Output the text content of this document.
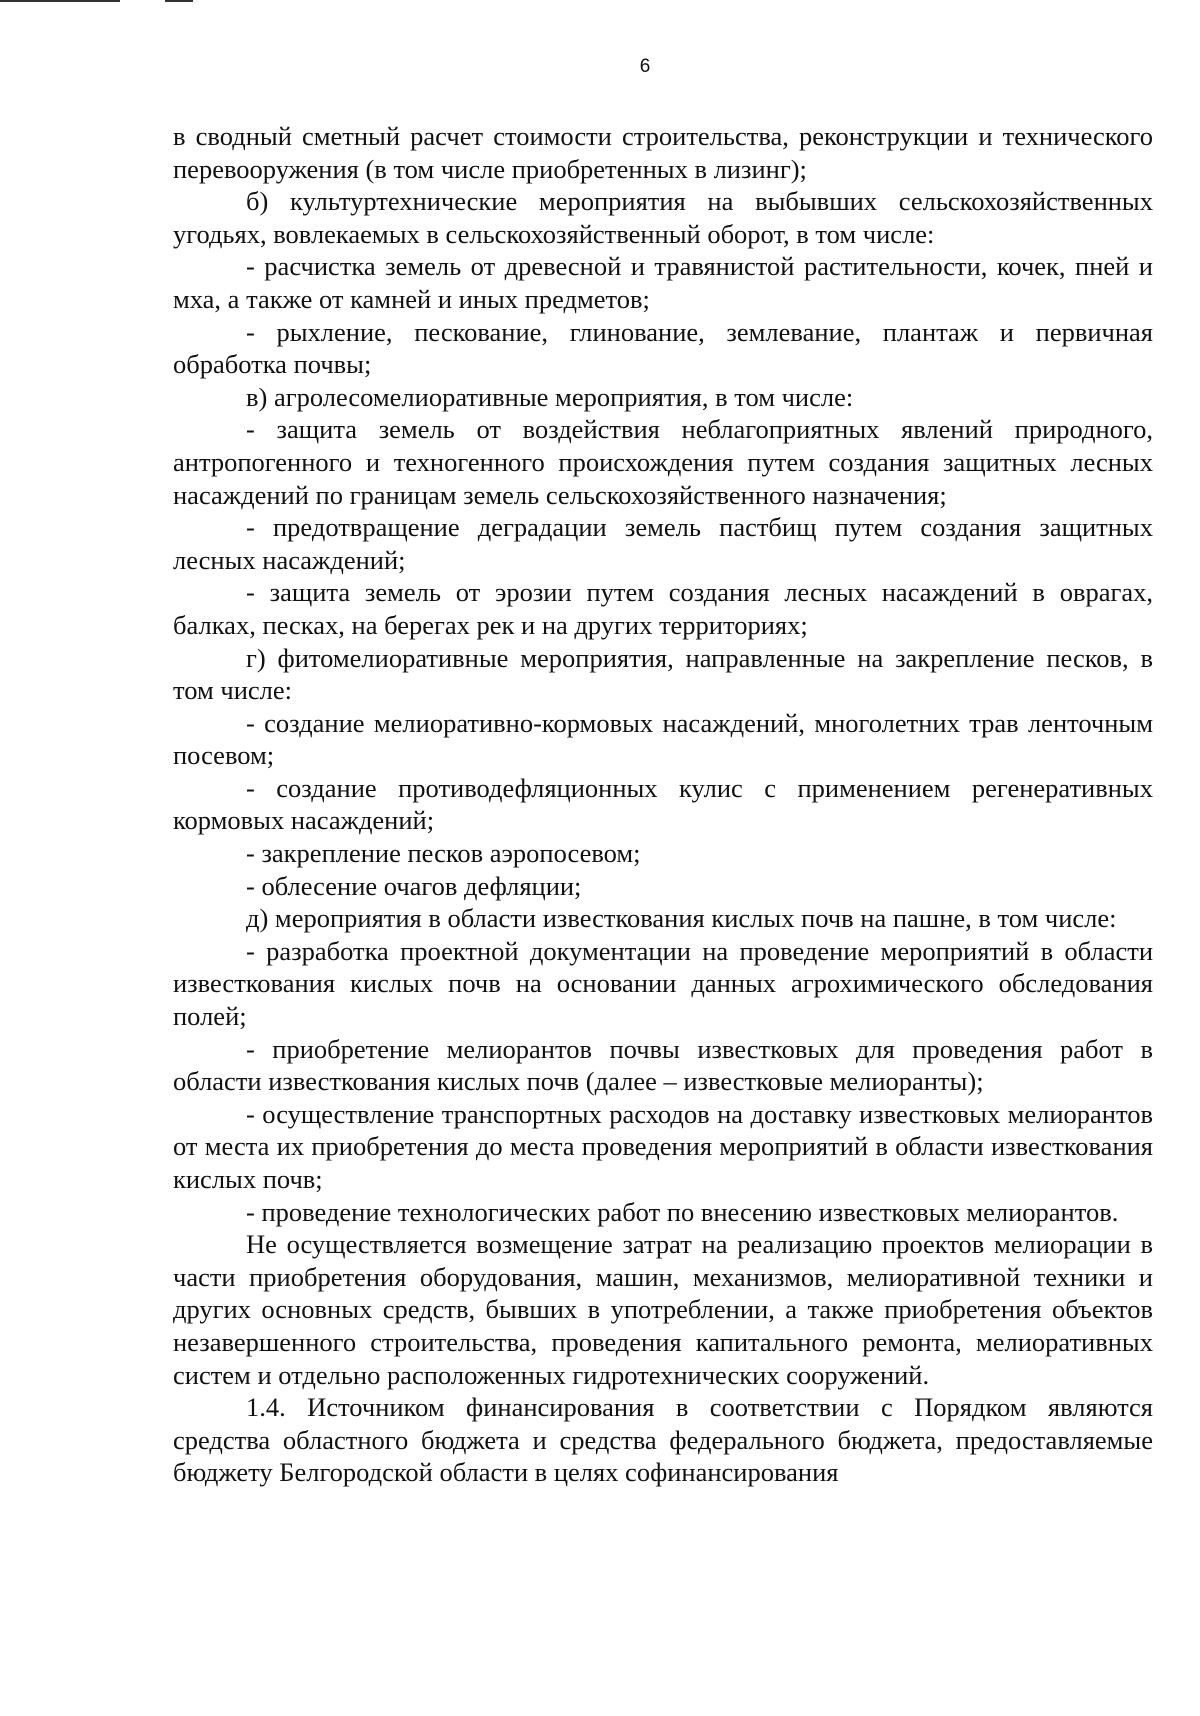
6

в сводный сметный расчет стоимости строительства, реконструкции и технического перевооружения (в том числе приобретенных в лизинг);

б) культуртехнические мероприятия на выбывших сельскохозяйственных угодьях, вовлекаемых в сельскохозяйственный оборот, в том числе:

- расчистка земель от древесной и травянистой растительности, кочек, пней и мха, а также от камней и иных предметов;

- рыхление, пескование, глинование, землевание, плантаж и первичная обработка почвы;

в) агролесомелиоративные мероприятия, в том числе:

- защита земель от воздействия неблагоприятных явлений природного, антропогенного и техногенного происхождения путем создания защитных лесных насаждений по границам земель сельскохозяйственного назначения;

- предотвращение деградации земель пастбищ путем создания защитных лесных насаждений;

- защита земель от эрозии путем создания лесных насаждений в оврагах, балках, песках, на берегах рек и на других территориях;

г) фитомелиоративные мероприятия, направленные на закрепление песков, в том числе:

- создание мелиоративно-кормовых насаждений, многолетних трав ленточным посевом;

- создание противодефляционных кулис с применением регенеративных кормовых насаждений;

- закрепление песков аэропосевом;

- облесение очагов дефляции;

д) мероприятия в области известкования кислых почв на пашне, в том числе:

- разработка проектной документации на проведение мероприятий в области известкования кислых почв на основании данных агрохимического обследования полей;

- приобретение мелиорантов почвы известковых для проведения работ в области известкования кислых почв (далее – известковые мелиоранты);

- осуществление транспортных расходов на доставку известковых мелиорантов от места их приобретения до места проведения мероприятий в области известкования кислых почв;

- проведение технологических работ по внесению известковых мелиорантов.

Не осуществляется возмещение затрат на реализацию проектов мелиорации в части приобретения оборудования, машин, механизмов, мелиоративной техники и других основных средств, бывших в употреблении, а также приобретения объектов незавершенного строительства, проведения капитального ремонта, мелиоративных систем и отдельно расположенных гидротехнических сооружений.

1.4. Источником финансирования в соответствии с Порядком являются средства областного бюджета и средства федерального бюджета, предоставляемые бюджету Белгородской области в целях софинансирования
